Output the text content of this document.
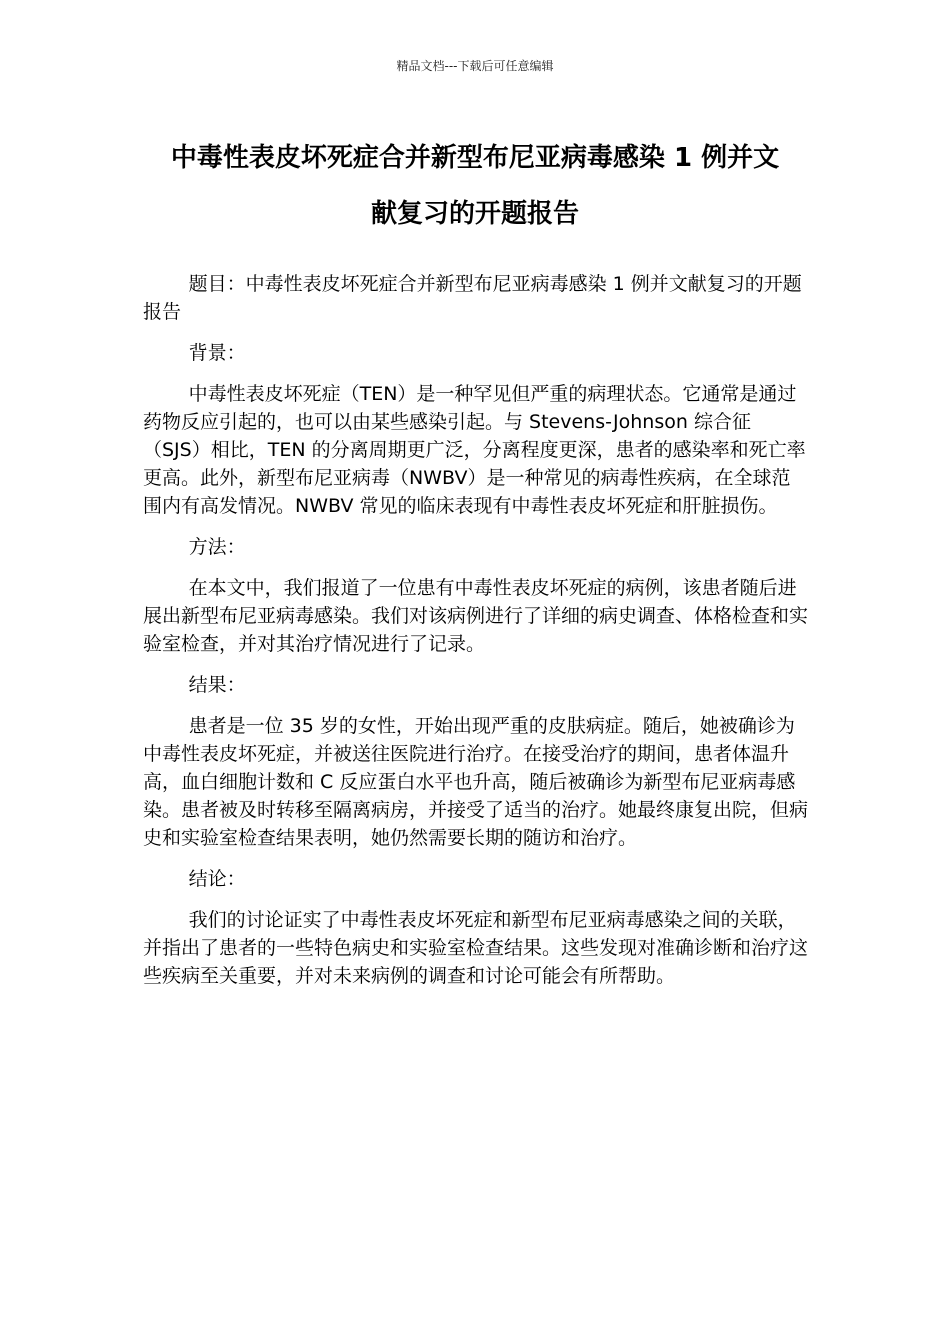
精品文档---下载后可任意编辑
中毒性表皮坏死症合并新型布尼亚病毒感染 1 例并文
献复习的开题报告

题目：中毒性表皮坏死症合并新型布尼亚病毒感染 1 例并文献复习的开题报告

背景：

中毒性表皮坏死症（TEN）是一种罕见但严重的病理状态。它通常是通过药物反应引起的，也可以由某些感染引起。与 Stevens-Johnson 综合征（SJS）相比，TEN 的分离周期更广泛，分离程度更深，患者的感染率和死亡率更高。此外，新型布尼亚病毒（NWBV）是一种常见的病毒性疾病，在全球范围内有高发情况。NWBV 常见的临床表现有中毒性表皮坏死症和肝脏损伤。

方法：

在本文中，我们报道了一位患有中毒性表皮坏死症的病例，该患者随后进展出新型布尼亚病毒感染。我们对该病例进行了详细的病史调查、体格检查和实验室检查，并对其治疗情况进行了记录。

结果：

患者是一位 35 岁的女性，开始出现严重的皮肤病症。随后，她被确诊为中毒性表皮坏死症，并被送往医院进行治疗。在接受治疗的期间，患者体温升高，血白细胞计数和 C 反应蛋白水平也升高，随后被确诊为新型布尼亚病毒感染。患者被及时转移至隔离病房，并接受了适当的治疗。她最终康复出院，但病史和实验室检查结果表明，她仍然需要长期的随访和治疗。

结论：

我们的讨论证实了中毒性表皮坏死症和新型布尼亚病毒感染之间的关联，并指出了患者的一些特色病史和实验室检查结果。这些发现对准确诊断和治疗这些疾病至关重要，并对未来病例的调查和讨论可能会有所帮助。
